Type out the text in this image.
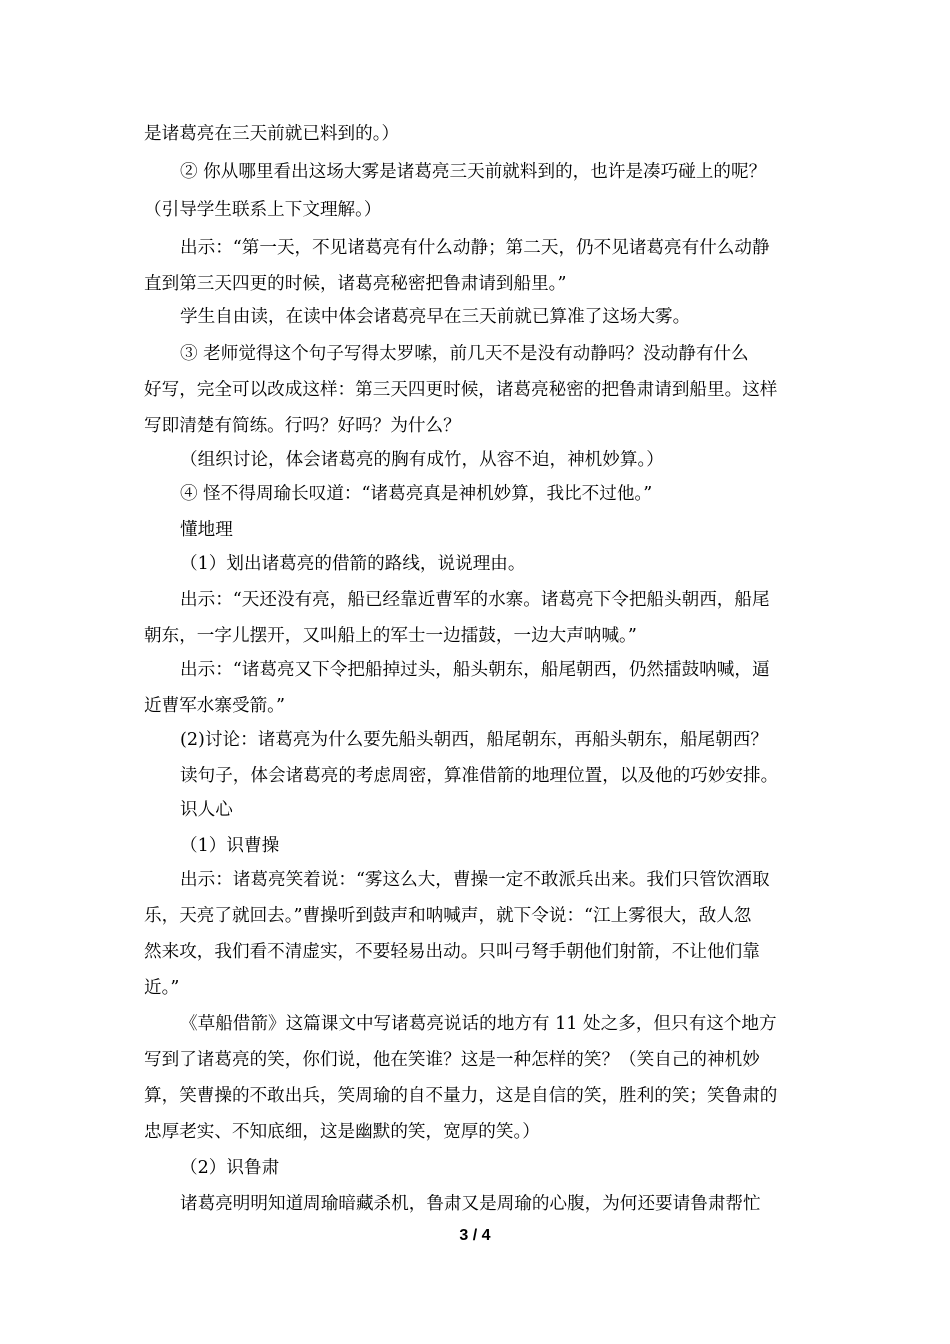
是诸葛亮在三天前就已料到的。）
② 你从哪里看出这场大雾是诸葛亮三天前就料到的，也许是凑巧碰上的呢？
（引导学生联系上下文理解。）
出示：“第一天，不见诸葛亮有什么动静；第二天，仍不见诸葛亮有什么动静
直到第三天四更的时候，诸葛亮秘密把鲁肃请到船里。”
学生自由读，在读中体会诸葛亮早在三天前就已算准了这场大雾。
③ 老师觉得这个句子写得太罗嗦，前几天不是没有动静吗？没动静有什么
好写，完全可以改成这样：第三天四更时候，诸葛亮秘密的把鲁肃请到船里。这样
写即清楚有简练。行吗？好吗？为什么？
（组织讨论，体会诸葛亮的胸有成竹，从容不迫，神机妙算。）
④ 怪不得周瑜长叹道：“诸葛亮真是神机妙算，我比不过他。”
懂地理
（1）划出诸葛亮的借箭的路线，说说理由。
出示：“天还没有亮，船已经靠近曹军的水寨。诸葛亮下令把船头朝西，船尾
朝东，一字儿摆开，又叫船上的军士一边擂鼓，一边大声呐喊。”
出示：“诸葛亮又下令把船掉过头，船头朝东，船尾朝西，仍然擂鼓呐喊，逼
近曹军水寨受箭。”
(2)讨论：诸葛亮为什么要先船头朝西，船尾朝东，再船头朝东，船尾朝西？
读句子，体会诸葛亮的考虑周密，算准借箭的地理位置，以及他的巧妙安排。
识人心
（1）识曹操
出示：诸葛亮笑着说：“雾这么大，曹操一定不敢派兵出来。我们只管饮酒取
乐，天亮了就回去。”曹操听到鼓声和呐喊声，就下令说：“江上雾很大，敌人忽
然来攻，我们看不清虚实，不要轻易出动。只叫弓弩手朝他们射箭，不让他们靠
近。”
《草船借箭》这篇课文中写诸葛亮说话的地方有 11 处之多，但只有这个地方
写到了诸葛亮的笑，你们说，他在笑谁？这是一种怎样的笑？（笑自己的神机妙
算，笑曹操的不敢出兵，笑周瑜的自不量力，这是自信的笑，胜利的笑；笑鲁肃的
忠厚老实、不知底细，这是幽默的笑，宽厚的笑。）
（2）识鲁肃
诸葛亮明明知道周瑜暗藏杀机，鲁肃又是周瑜的心腹，为何还要请鲁肃帮忙
3 / 4
